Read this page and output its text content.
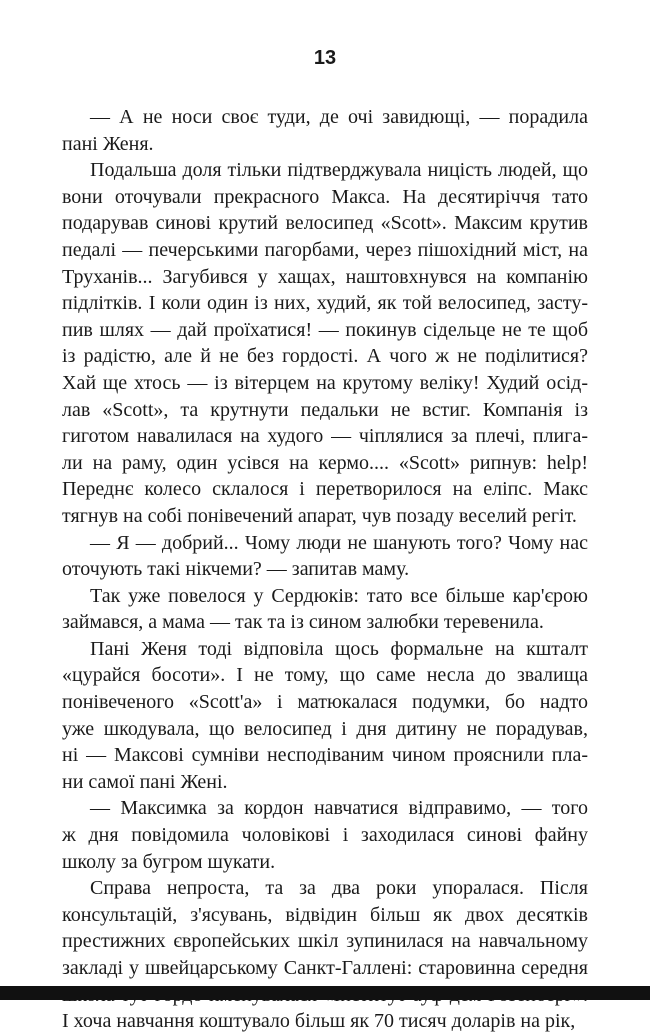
13

— А не носи своє туди, де очі завидющі, — порадила
пані Женя.

Подальша доля тільки підтверджувала ницість людей, що
вони оточували прекрасного Макса. На десятиріччя тато
подарував синові крутий велосипед «Scott». Максим крутив
педалі — печерськими пагорбами, через пішохідний міст, на
Труханів... Загубився у хащах, наштовхнувся на компанію
підлітків. І коли один із них, худий, як той велосипед, засту-
пив шлях — дай проїхатися! — покинув сідельце не те щоб
із радістю, але й не без гордості. А чого ж не поділитися?
Хай ще хтось — із вітерцем на крутому веліку! Худий осід-
лав «Scott», та крутнути педальки не встиг. Компанія із
гиготом навалилася на худого — чіплялися за плечі, плига-
ли на раму, один усівся на кермо.... «Scott» рипнув: help!
Переднє колесо склалося і перетворилося на еліпс. Макс
тягнув на собі понівечений апарат, чув позаду веселий регіт.

— Я — добрий... Чому люди не шанують того? Чому нас
оточують такі нікчеми? — запитав маму.

Так уже повелося у Сердюків: тато все більше кар'єрою
займався, а мама — так та із сином залюбки теревенила.

Пані Женя тоді відповіла щось формальне на кшталт
«цурайся босоти». І не тому, що саме несла до звалища
понівеченого «Scott'а» і матюкалася подумки, бо надто
уже шкодувала, що велосипед і дня дитину не порадував,
ні — Максові сумніви несподіваним чином прояснили пла-
ни самої пані Жені.

— Максимка за кордон навчатися відправимо, — того
ж дня повідомила чоловікові і заходилася синові файну
школу за бугром шукати.

Справа непроста, та за два роки упоралася. Після
консультацій, з'ясувань, відвідин більш як двох десятків
престижних європейських шкіл зупинилася на навчальному
закладі у швейцарському Санкт-Галлені: старовинна середня
І хоча навчання коштувало більш як 70 тисяч доларів на рік,
